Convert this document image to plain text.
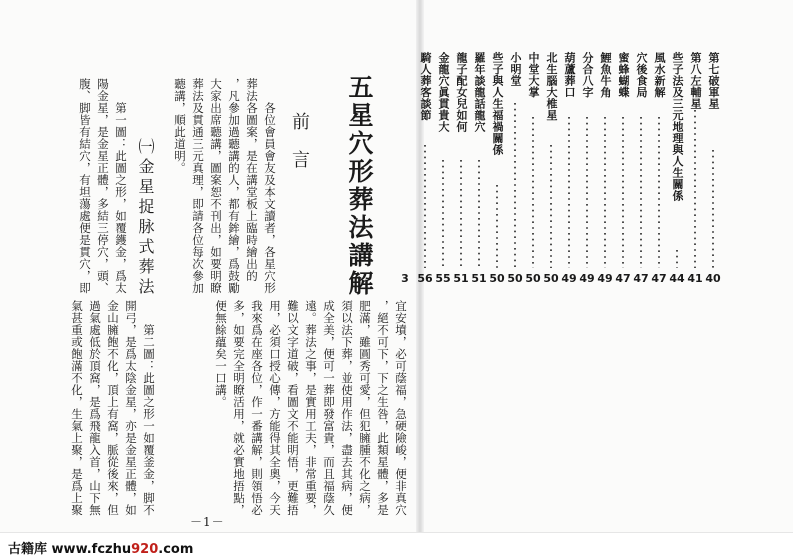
五星穴形葬法講解
前言
　　各位會員會友及本文讀者，各星穴形
葬法各圖案，是在講堂板上臨時繪出的
，凡參加過聽講的人，都有鉾繪，爲鼓勵
大家出席聽講，圖案恕不刊出，如要明瞭
葬法及貫通三元真理，即請各位每次參加
聽講，順此道明。
㈠金星捉脉式葬法
　　第一圖：此圖之形，如覆鑊金，爲太
陽金星，是金星正體，多結三停穴，頭、
腹、脚皆有結穴，有坦蕩處便是貫穴，即
宜安墳，必可蔭福，急硬險峻，便非真穴
，絕不可下，下之生咎，此類星體，多是
肥滿，雖圓秀可愛，但犯臃腫不化之病，
須以法下葬，並使用作法，盡去其病，便
成全美，便可一葬即發富貴，而且福蔭久
遠。葬法之事，是實用工夫，非常重要，
難以文字道破，看圖文不能明悟，更難捂
用，必須口授心傳，方能得其全奧，今天
我來爲在座各位，作一番講解，則領悟必
多，如要完全明瞭活用，就必實地捂點，
便無餘蘊矣一口講。
　　第二圖：此圖之形一如覆釜金，脚不
開弓，是爲太陰金星，亦是金星正體，如
金山臃飽不化，頂上有窩，脈從後來，但
過氣處低於頂窩，是爲飛龍入首，山下無
氣甚重或飽滿不化，生氣上聚，是爲上聚
－1－
第七破軍星
第八左輔星
些子法及三元地理與人生關係
風水新解
穴後食局
蜜蜂蝴蝶
鯉魚牛角
分合八字
葫蘆葬口
北生腦大椎星
中堂大掌
小明堂
些子與人生福禍關係
羅年談龍話龍穴
龍子配女兒如何
金龍穴眞貫貴大
騎人葬客談節
40
41
44
47
47
47
49
49
49
50
50
50
50
51
51
55
56
3
古籍库 www.fczhu920.com
